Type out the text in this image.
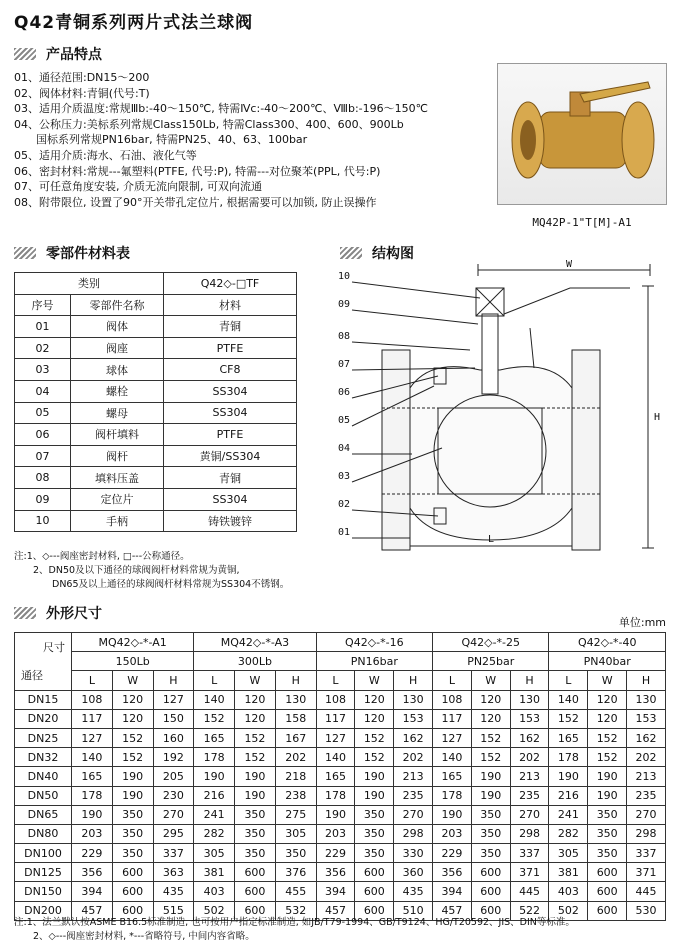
Q42青铜系列两片式法兰球阀
产品特点
01、通径范围:DN15～200
02、阀体材料:青铜(代号:T)
03、适用介质温度:常规Ⅲb:-40～150℃, 特需Ⅳc:-40～200℃、Ⅷb:-196～150℃
04、公称压力:美标系列常规Class150Lb, 特需Class300、400、600、900Lb
　　国标系列常规PN16bar, 特需PN25、40、63、100bar
05、适用介质:海水、石油、液化气等
06、密封材料:常规---氟塑料(PTFE, 代号:P), 特需---对位聚苯(PPL, 代号:P)
07、可任意角度安装, 介质无流向限制, 可双向流通
08、附带限位, 设置了90°开关带孔定位片, 根据需要可以加锁, 防止误操作
MQ42P-1"T[M]-A1
零部件材料表	结构图
类别		Q42◇-□TF
序号	零部件名称	材料
01	阀体	青铜
02	阀座	PTFE
03	球体	CF8
04	螺栓	SS304
05	螺母	SS304
06	阀杆填料	PTFE
07	阀杆	黄铜/SS304
08	填料压盖	青铜
09	定位片	SS304
10	手柄	铸铁镀锌
注:1、◇---阀座密封材料, □---公称通径。
　　2、DN50及以下通径的球阀阀杆材料常规为黄铜,
　　　　DN65及以上通径的球阀阀杆材料常规为SS304不锈钢。
10
09
08
07
06
05
04
03
02
01
W
H
L
外形尺寸
单位:mm
尺寸
通径	MQ42◇-*-A1			MQ42◇-*-A3			Q42◇-*-16			Q42◇-*-25			Q42◇-*-40		
	150Lb			300Lb			PN16bar			PN25bar			PN40bar		
	L	W	H	L	W	H	L	W	H	L	W	H	L	W	H
DN15	108	120	127	140	120	130	108	120	130	108	120	130	140	120	130
DN20	117	120	150	152	120	158	117	120	153	117	120	153	152	120	153
DN25	127	152	160	165	152	167	127	152	162	127	152	162	165	152	162
DN32	140	152	192	178	152	202	140	152	202	140	152	202	178	152	202
DN40	165	190	205	190	190	218	165	190	213	165	190	213	190	190	213
DN50	178	190	230	216	190	238	178	190	235	178	190	235	216	190	235
DN65	190	350	270	241	350	275	190	350	270	190	350	270	241	350	270
DN80	203	350	295	282	350	305	203	350	298	203	350	298	282	350	298
DN100	229	350	337	305	350	350	229	350	330	229	350	337	305	350	337
DN125	356	600	363	381	600	376	356	600	360	356	600	371	381	600	371
DN150	394	600	435	403	600	455	394	600	435	394	600	445	403	600	445
DN200	457	600	515	502	600	532	457	600	510	457	600	522	502	600	530
注:1、法兰默认按ASME B16.5标准制造, 也可按用户指定标准制造, 如JB/T79-1994、GB/T9124、HG/T20592、JIS、DIN等标准。
　　2、◇---阀座密封材料, *---省略符号, 中间内容省略。
